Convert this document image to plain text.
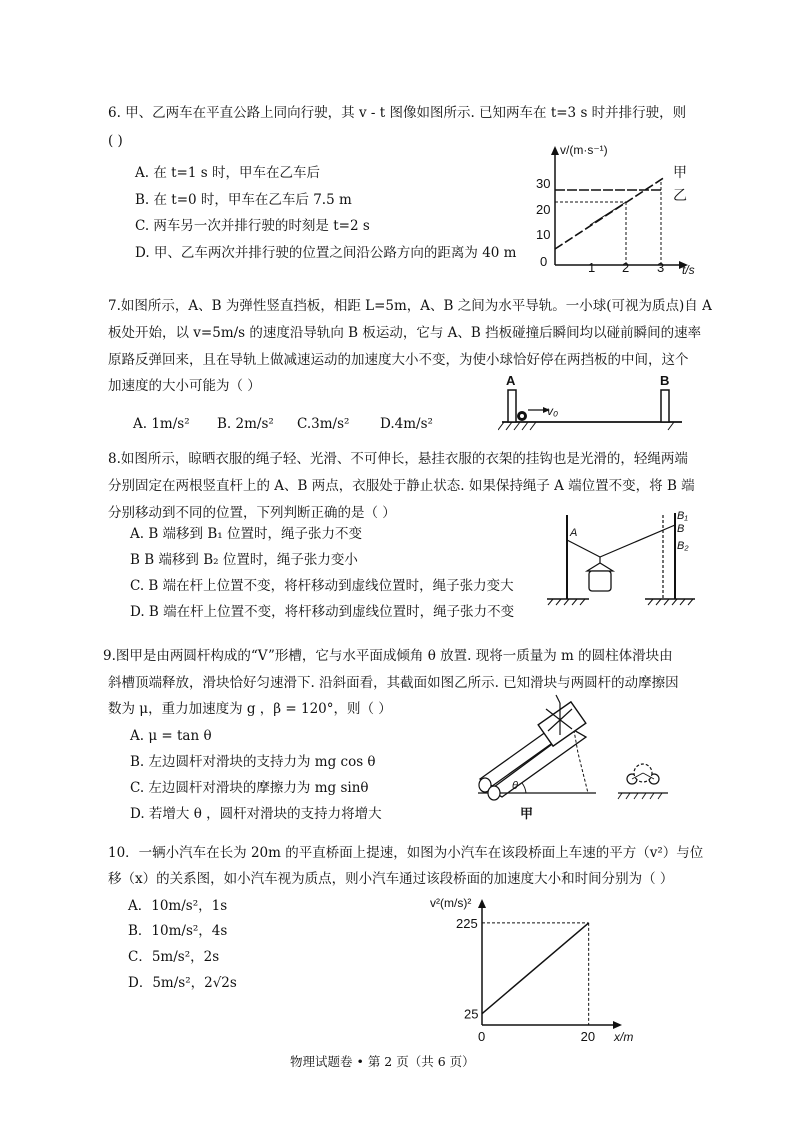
6. 甲、乙两车在平直公路上同向行驶，其 v - t 图像如图所示. 已知两车在 t=3 s 时并排行驶，则
( )
A. 在 t=1 s 时，甲车在乙车后
B. 在 t=0 时，甲车在乙车后 7.5 m
C. 两车另一次并排行驶的时刻是 t=2 s
D. 甲、乙车两次并排行驶的位置之间沿公路方向的距离为 40 m
v/(m·s⁻¹)
30
20
10
0	1 2 3 t/s
甲
乙
7.如图所示，A、B 为弹性竖直挡板，相距 L=5m，A、B 之间为水平导轨。一小球(可视为质点)自 A
板处开始，以 v=5m/s 的速度沿导轨向 B 板运动，它与 A、B 挡板碰撞后瞬间均以碰前瞬间的速率
原路反弹回来，且在导轨上做减速运动的加速度大小不变，为使小球恰好停在两挡板的中间，这个
加速度的大小可能为（ ）
A. 1m/s² B. 2m/s² C.3m/s² D.4m/s²
A	B
v₀
8.如图所示，晾晒衣服的绳子轻、光滑、不可伸长，悬挂衣服的衣架的挂钩也是光滑的，轻绳两端
分别固定在两根竖直杆上的 A、B 两点，衣服处于静止状态. 如果保持绳子 A 端位置不变，将 B 端
分别移动到不同的位置，下列判断正确的是（ ）
A. B 端移到 B₁ 位置时，绳子张力不变
B B 端移到 B₂ 位置时，绳子张力变小
C. B 端在杆上位置不变，将杆移动到虚线位置时，绳子张力变大
D. B 端在杆上位置不变，将杆移动到虚线位置时，绳子张力不变
A
B₁
B
B₂
9.图甲是由两圆杆构成的“V”形槽，它与水平面成倾角 θ 放置. 现将一质量为 m 的圆柱体滑块由
斜槽顶端释放，滑块恰好匀速滑下. 沿斜面看，其截面如图乙所示. 已知滑块与两圆杆的动摩擦因
数为 μ，重力加速度为 g ，β = 120°，则（ ）
A. μ = tan θ
B. 左边圆杆对滑块的支持力为 mg cos θ
C. 左边圆杆对滑块的摩擦力为 mg sinθ
D. 若增大 θ ，圆杆对滑块的支持力将增大
θ
甲
10．一辆小汽车在长为 20m 的平直桥面上提速，如图为小汽车在该段桥面上车速的平方（v²）与位
移（x）的关系图，如小汽车视为质点，则小汽车通过该段桥面的加速度大小和时间分别为（ ）
A．10m/s²，1s
B．10m/s²，4s
C．5m/s²，2s
D．5m/s²，2√2s
v²(m/s)²
25
225
0	20 x/m
物理试题卷 • 第 2 页（共 6 页）
